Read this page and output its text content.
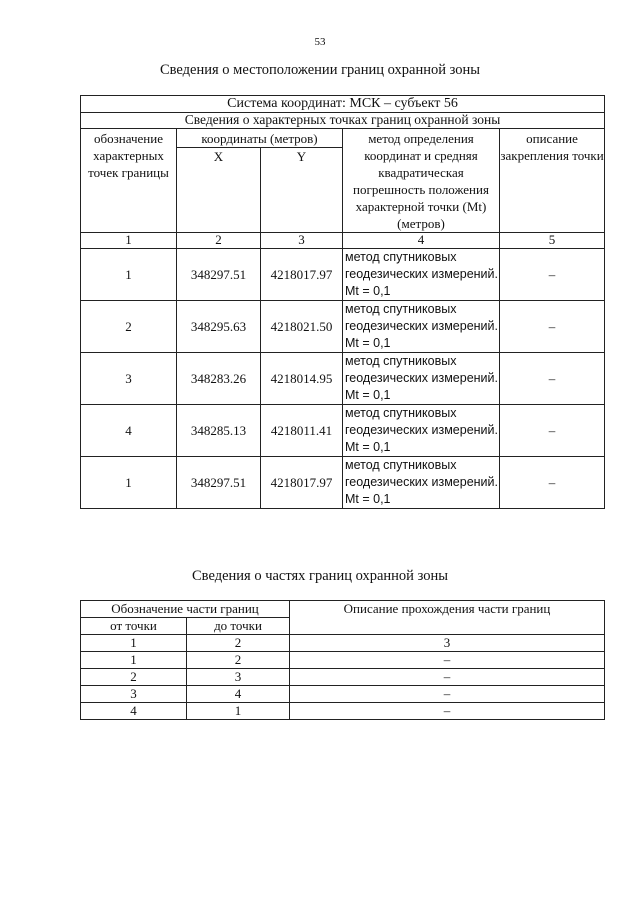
53
Сведения о местоположении границ охранной зоны
Система координат: МСК – субъект 56				
Сведения о характерных точках границ охранной зоны				
обозначение характерных точек границы	координаты (метров)		метод определения координат и средняя квадратическая погрешность положения характерной точки (Mt) (метров)	описание закрепления точки
	X	Y		
1	2	3	4	5
1	348297.51	4218017.97	метод спутниковых геодезических измерений. Mt = 0,1	–
2	348295.63	4218021.50	метод спутниковых геодезических измерений. Mt = 0,1	–
3	348283.26	4218014.95	метод спутниковых геодезических измерений. Mt = 0,1	–
4	348285.13	4218011.41	метод спутниковых геодезических измерений. Mt = 0,1	–
1	348297.51	4218017.97	метод спутниковых геодезических измерений. Mt = 0,1	–
Сведения о частях границ охранной зоны
Обозначение части границ		Описание прохождения части границ
от точки	до точки	
1	2	3
1	2	–
2	3	–
3	4	–
4	1	–
